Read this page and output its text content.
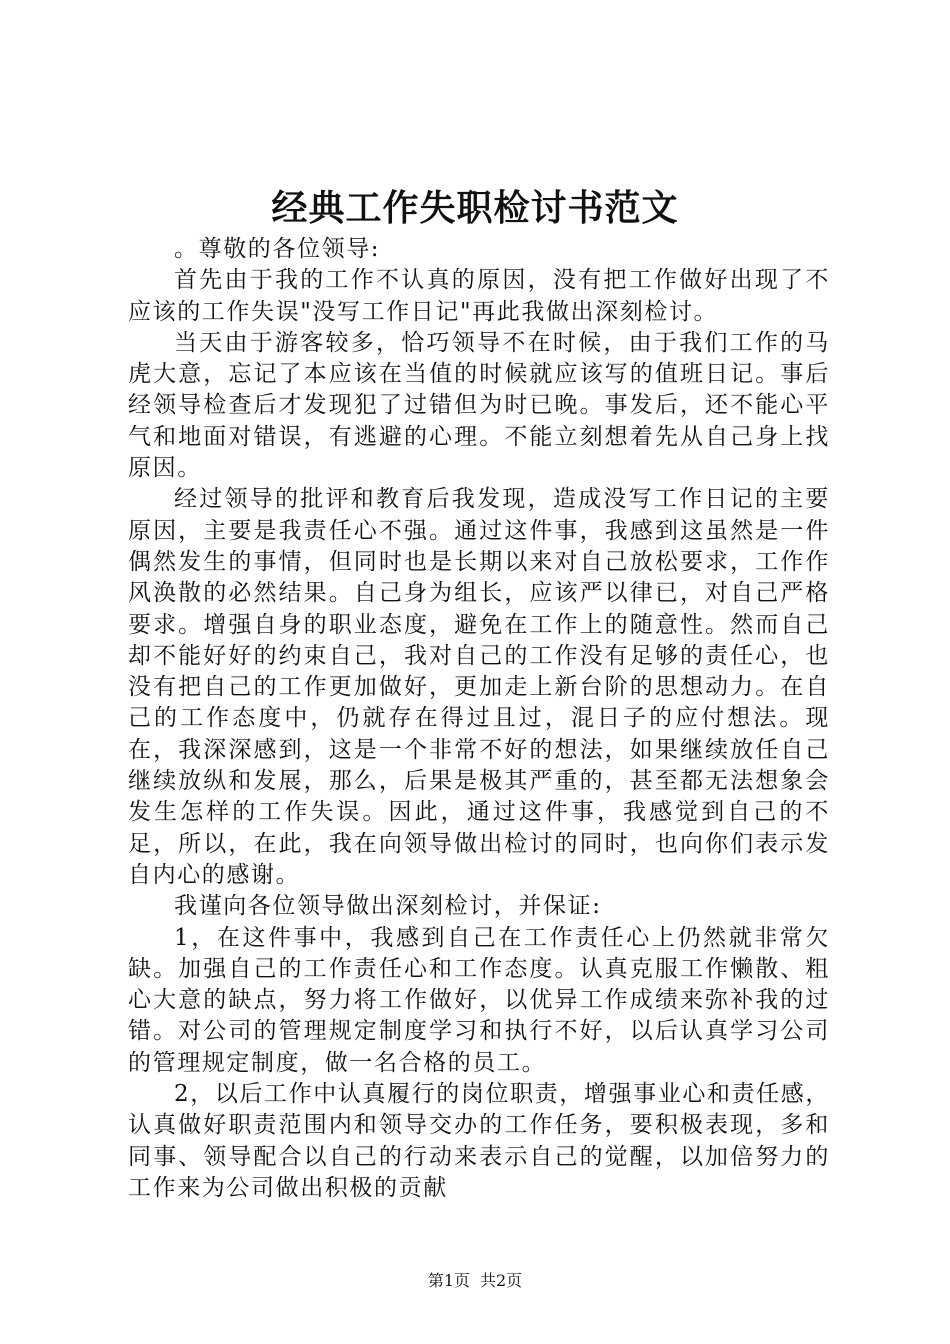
经典工作失职检讨书范文

。尊敬的各位领导:

首先由于我的工作不认真的原因，没有把工作做好出现了不应该的工作失误"没写工作日记"再此我做出深刻检讨。

当天由于游客较多，恰巧领导不在时候，由于我们工作的马虎大意，忘记了本应该在当值的时候就应该写的值班日记。事后经领导检查后才发现犯了过错但为时已晚。事发后，还不能心平气和地面对错误，有逃避的心理。不能立刻想着先从自己身上找原因。

经过领导的批评和教育后我发现，造成没写工作日记的主要原因，主要是我责任心不强。通过这件事，我感到这虽然是一件偶然发生的事情，但同时也是长期以来对自己放松要求，工作作风涣散的必然结果。自己身为组长，应该严以律已，对自己严格要求。增强自身的职业态度，避免在工作上的随意性。然而自己却不能好好的约束自己，我对自己的工作没有足够的责任心，也没有把自己的工作更加做好，更加走上新台阶的思想动力。在自己的工作态度中，仍就存在得过且过，混日子的应付想法。现在，我深深感到，这是一个非常不好的想法，如果继续放任自己继续放纵和发展，那么，后果是极其严重的，甚至都无法想象会发生怎样的工作失误。因此，通过这件事，我感觉到自己的不足，所以，在此，我在向领导做出检讨的同时，也向你们表示发自内心的感谢。

我谨向各位领导做出深刻检讨，并保证:

1，在这件事中，我感到自己在工作责任心上仍然就非常欠缺。加强自己的工作责任心和工作态度。认真克服工作懒散、粗心大意的缺点，努力将工作做好，以优异工作成绩来弥补我的过错。对公司的管理规定制度学习和执行不好，以后认真学习公司的管理规定制度，做一名合格的员工。

2，以后工作中认真履行的岗位职责，增强事业心和责任感，认真做好职责范围内和领导交办的工作任务，要积极表现，多和同事、领导配合以自己的行动来表示自己的觉醒，以加倍努力的工作来为公司做出积极的贡献

第1页 共2页
